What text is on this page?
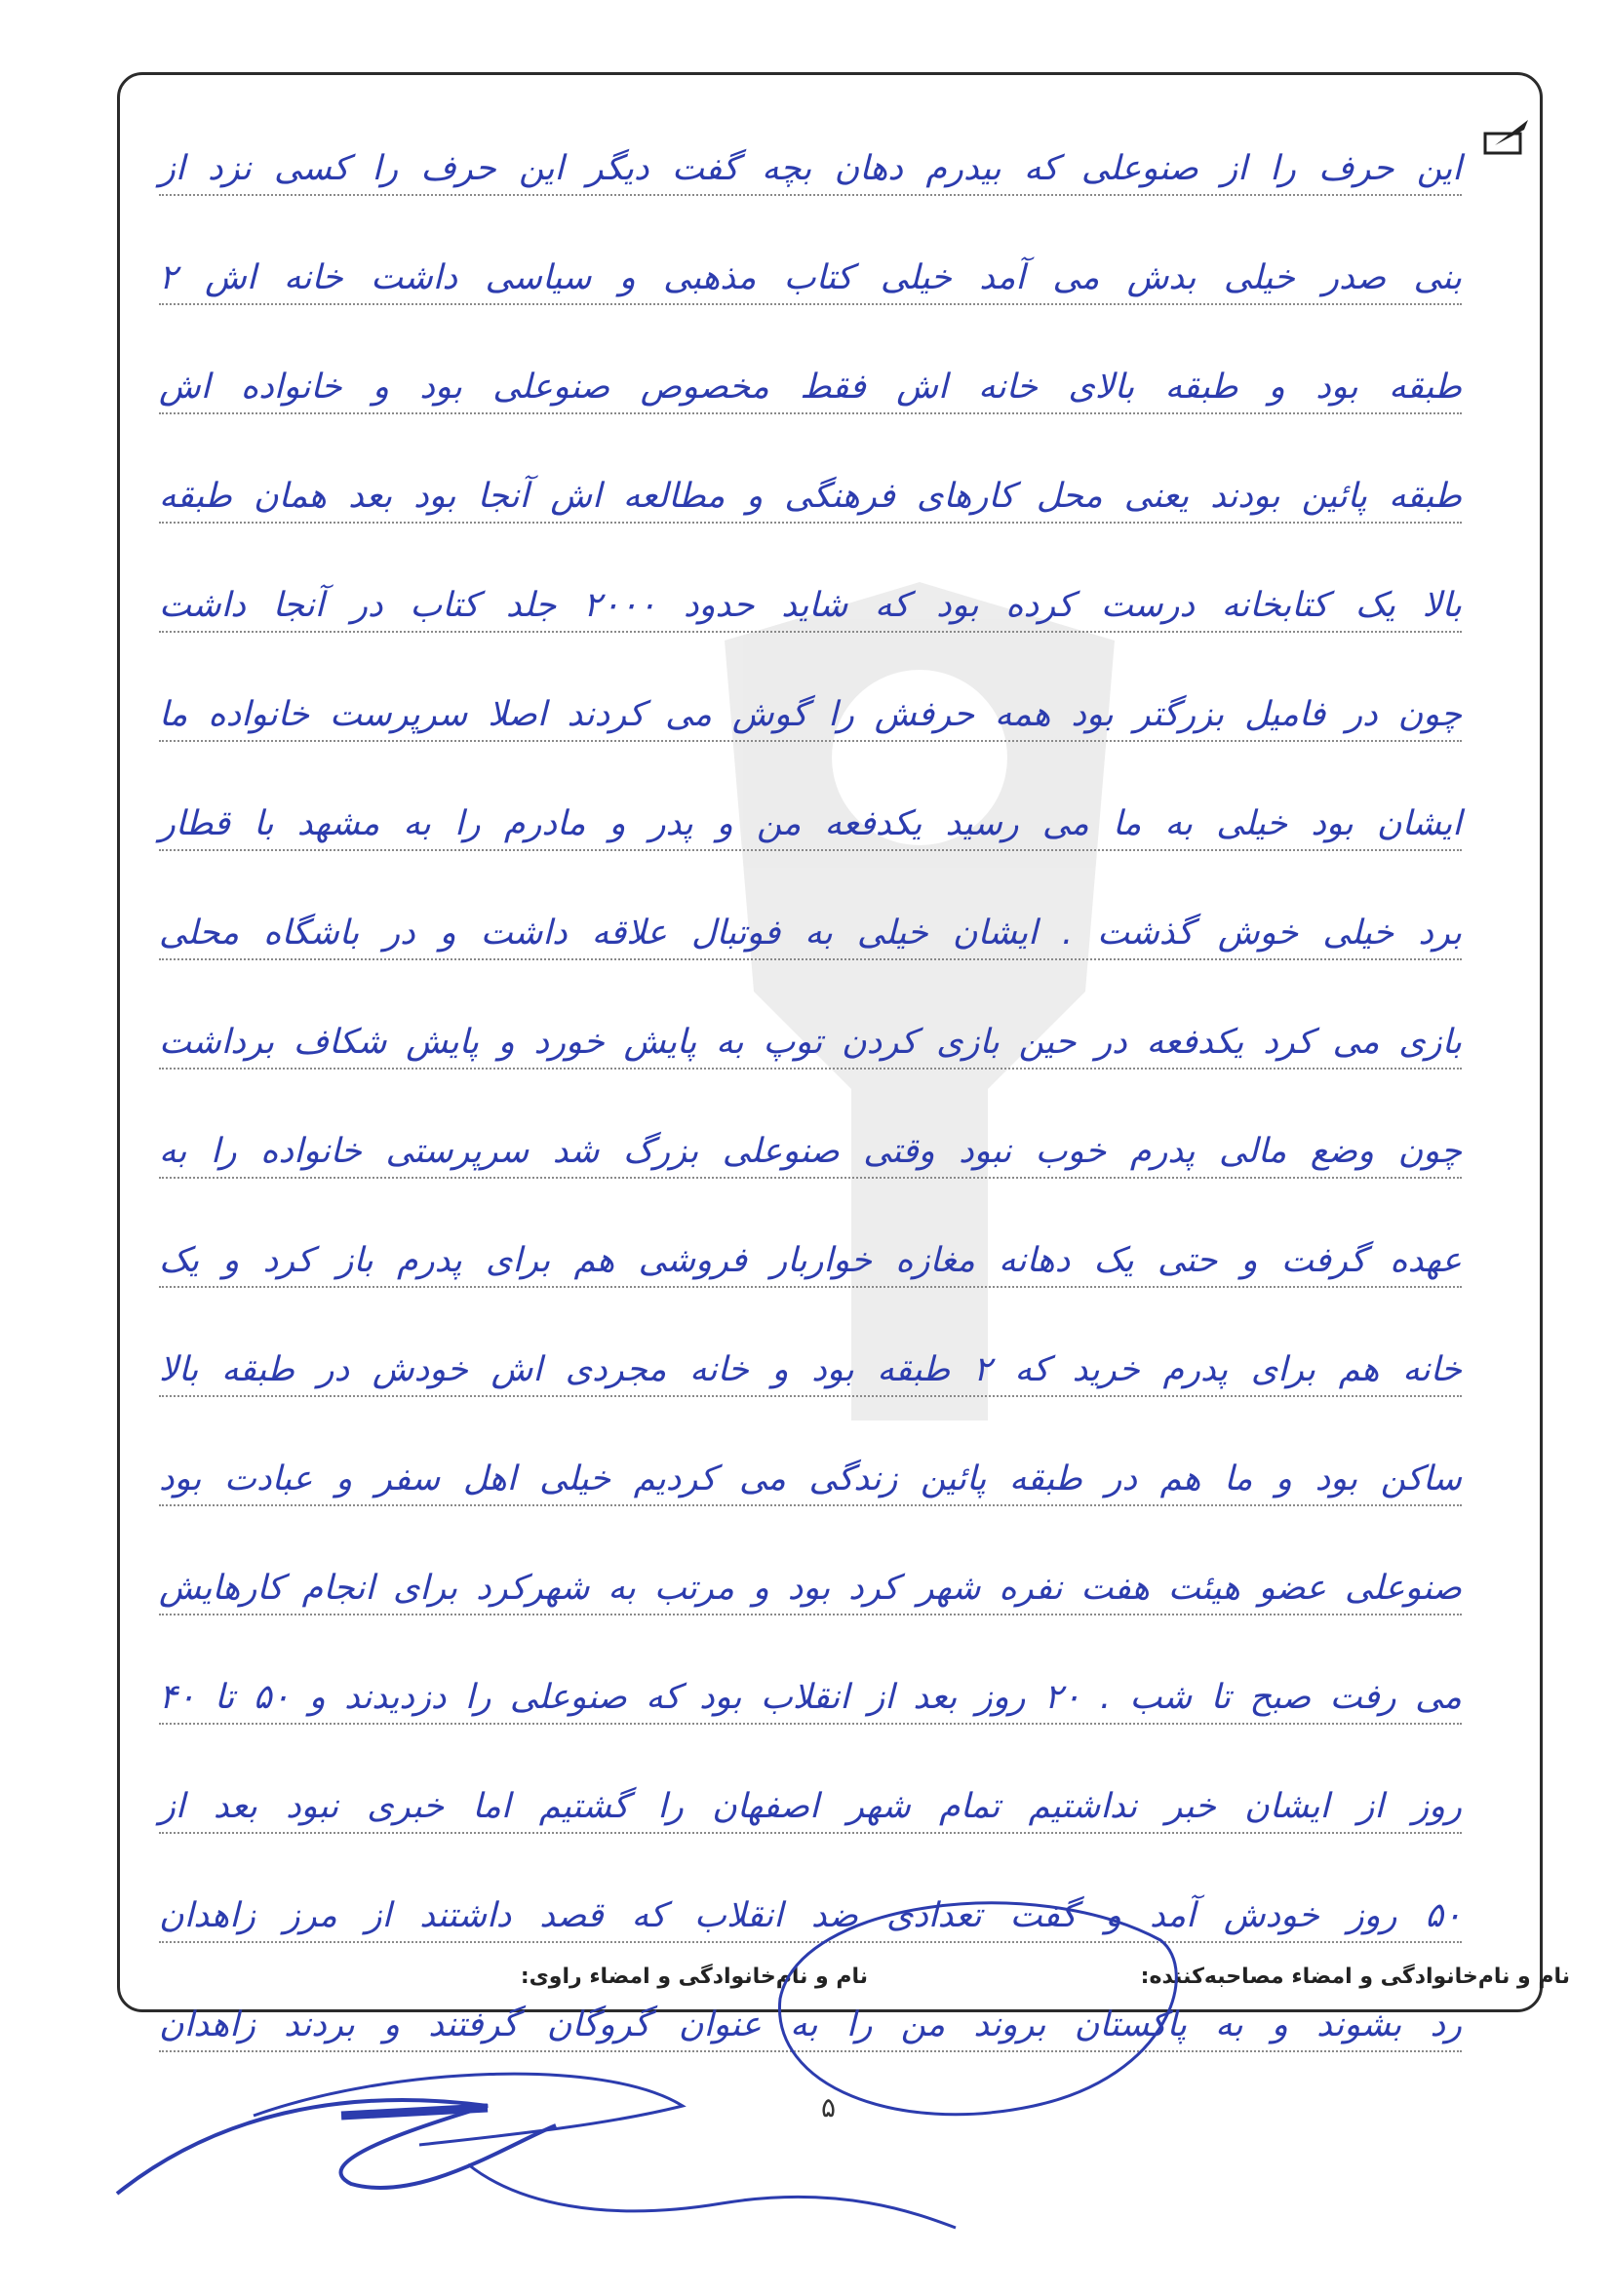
این حرف را از صنوعلی که بیدرم دهان بچه گفت دیگر این حرف را کسی نزد از
بنی صدر خیلی بدش می آمد خیلی کتاب مذهبی و سیاسی داشت خانه اش ۲
طبقه بود و طبقه بالای خانه اش فقط مخصوص صنوعلی بود و خانواده اش
طبقه پائین بودند یعنی محل کارهای فرهنگی و مطالعه اش آنجا بود بعد همان طبقه
بالا یک کتابخانه درست کرده بود که شاید حدود ۲۰۰۰ جلد کتاب در آنجا داشت
چون در فامیل بزرگتر بود همه حرفش را گوش می کردند اصلا سرپرست خانواده ما
ایشان بود خیلی به ما می رسید یکدفعه من و پدر و مادرم را به مشهد با قطار
برد خیلی خوش گذشت . ایشان خیلی به فوتبال علاقه داشت و در باشگاه محلی
بازی می کرد یکدفعه در حین بازی کردن توپ به پایش خورد و پایش شکاف برداشت
چون وضع مالی پدرم خوب نبود وقتی صنوعلی بزرگ شد سرپرستی خانواده را به
عهده گرفت و حتی یک دهانه مغازه خواربار فروشی هم برای پدرم باز کرد و یک
خانه هم برای پدرم خرید که ۲ طبقه بود و خانه مجردی اش خودش در طبقه بالا
ساکن بود و ما هم در طبقه پائین زندگی می کردیم خیلی اهل سفر و عبادت بود
صنوعلی عضو هیئت هفت نفره شهر کرد بود و مرتب به شهرکرد برای انجام کارهایش
می رفت صبح تا شب . ۲۰ روز بعد از انقلاب بود که صنوعلی را دزدیدند و ۵۰ تا ۴۰
روز از ایشان خبر نداشتیم تمام شهر اصفهان را گشتیم اما خبری نبود بعد از
۵۰ روز خودش آمد و گفت تعدادی ضد انقلاب که قصد داشتند از مرز زاهدان
رد بشوند و به پاکستان بروند من را به عنوان گروگان گرفتند و بردند زاهدان
نام و نام‌خانوادگی و امضاء مصاحبه‌کننده:
نام و نام‌خانوادگی و امضاء راوی:
۵
